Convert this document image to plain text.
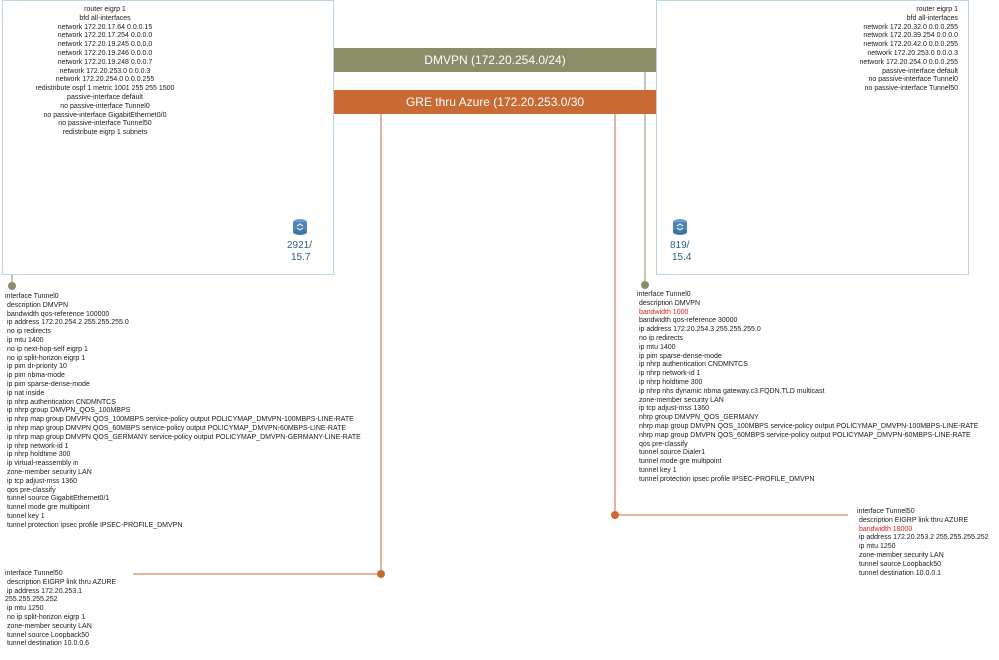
DMVPN (172.20.254.0/24)
GRE thru Azure (172.20.253.0/30
router eigrp 1
bfd all-interfaces
network 172.20.17.64 0.0.0.15
network 172.20.17.254 0.0.0.0
network 172.20.19.245 0.0.0.0
network 172.20.19.246 0.0.0.0
network 172.20.19.248 0.0.0.7
network 172.20.253.0 0.0.0.3
network 172.20.254.0 0.0.0.255
redistribute ospf 1 metric 1001 255 255 1500
passive-interface default
no passive-interface Tunnel0
no passive-interface GigabitEthernet0/0
no passive-interface Tunnel50
redistribute eigrp 1 subnets
router eigrp 1
bfd all-interfaces
network 172.20.32.0 0.0.0.255
network 172.20.39.254 0.0.0.0
network 172.20.42.0 0.0.0.255
network 172.20.253.0 0.0.0.3
network 172.20.254.0 0.0.0.255
passive-interface default
no passive-interface Tunnel0
no passive-interface Tunnel50
2921/
15.7
819/
15.4
interface Tunnel0
description DMVPN
bandwidth qos-reference 100000
ip address 172.20.254.2 255.255.255.0
no ip redirects
ip mtu 1400
no ip next-hop-self eigrp 1
no ip split-horizon eigrp 1
ip pim dr-priority 10
ip pim nbma-mode
ip pim sparse-dense-mode
ip nat inside
ip nhrp authentication CNDMNTCS
ip nhrp group DMVPN_QOS_100MBPS
ip nhrp map group DMVPN QOS_100MBPS service-policy output POLICYMAP_DMVPN-100MBPS-LINE-RATE
ip nhrp map group DMVPN QOS_60MBPS service-policy output POLICYMAP_DMVPN-60MBPS-LINE-RATE
ip nhrp map group DMVPN QOS_GERMANY service-policy output POLICYMAP_DMVPN-GERMANY-LINE-RATE
ip nhrp network-id 1
ip nhrp holdtime 300
ip virtual-reassembly in
zone-member security LAN
ip tcp adjust-mss 1360
qos pre-classify
tunnel source GigabitEthernet0/1
tunnel mode gre multipoint
tunnel key 1
tunnel protection ipsec profile IPSEC-PROFILE_DMVPN
interface Tunnel50
description EIGRP link thru AZURE
ip address 172.20.253.1
255.255.255.252
ip mtu 1250
no ip split-horizon eigrp 1
zone-member security LAN
tunnel source Loopback50
tunnel destination 10.0.0.6
interface Tunnel0
description DMVPN
bandwidth 1000
bandwidth qos-reference 30000
ip address 172.20.254.3 255.255.255.0
no ip redirects
ip mtu 1400
ip pim sparse-dense-mode
ip nhrp authentication CNDMNTCS
ip nhrp network-id 1
ip nhrp holdtime 300
ip nhrp nhs dynamic nbma gateway.c3.FQDN.TLD multicast
zone-member security LAN
ip tcp adjust-mss 1360
nhrp group DMVPN_QOS_GERMANY
nhrp map group DMVPN QOS_100MBPS service-policy output POLICYMAP_DMVPN-100MBPS-LINE-RATE
nhrp map group DMVPN QOS_60MBPS service-policy output POLICYMAP_DMVPN-60MBPS-LINE-RATE
qos pre-classify
tunnel source Dialer1
tunnel mode gre multipoint
tunnel key 1
tunnel protection ipsec profile IPSEC-PROFILE_DMVPN
interface Tunnel50
description EIGRP link thru AZURE
bandwidth 18000
ip address 172.20.253.2 255.255.255.252
ip mtu 1250
zone-member security LAN
tunnel source Loopback50
tunnel destination 10.0.0.1
